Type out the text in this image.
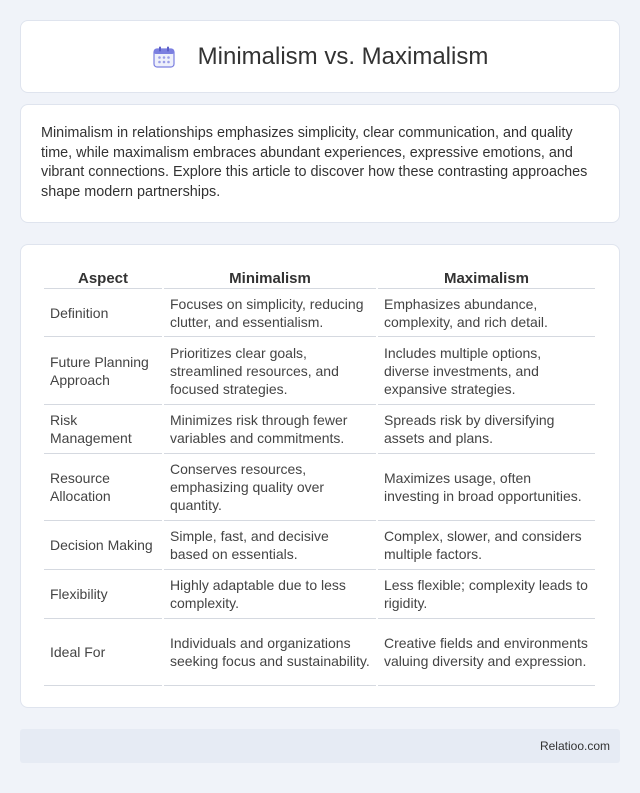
Minimalism vs. Maximalism

Minimalism in relationships emphasizes simplicity, clear communication, and quality time, while maximalism embraces abundant experiences, expressive emotions, and vibrant connections. Explore this article to discover how these contrasting approaches shape modern partnerships.

Aspect	Minimalism	Maximalism
Definition	Focuses on simplicity, reducing clutter, and essentialism.	Emphasizes abundance, complexity, and rich detail.
Future Planning Approach	Prioritizes clear goals, streamlined resources, and focused strategies.	Includes multiple options, diverse investments, and expansive strategies.
Risk Management	Minimizes risk through fewer variables and commitments.	Spreads risk by diversifying assets and plans.
Resource Allocation	Conserves resources, emphasizing quality over quantity.	Maximizes usage, often investing in broad opportunities.
Decision Making	Simple, fast, and decisive based on essentials.	Complex, slower, and considers multiple factors.
Flexibility	Highly adaptable due to less complexity.	Less flexible; complexity leads to rigidity.
Ideal For	Individuals and organizations seeking focus and sustainability.	Creative fields and environments valuing diversity and expression.
Relatioo.com
